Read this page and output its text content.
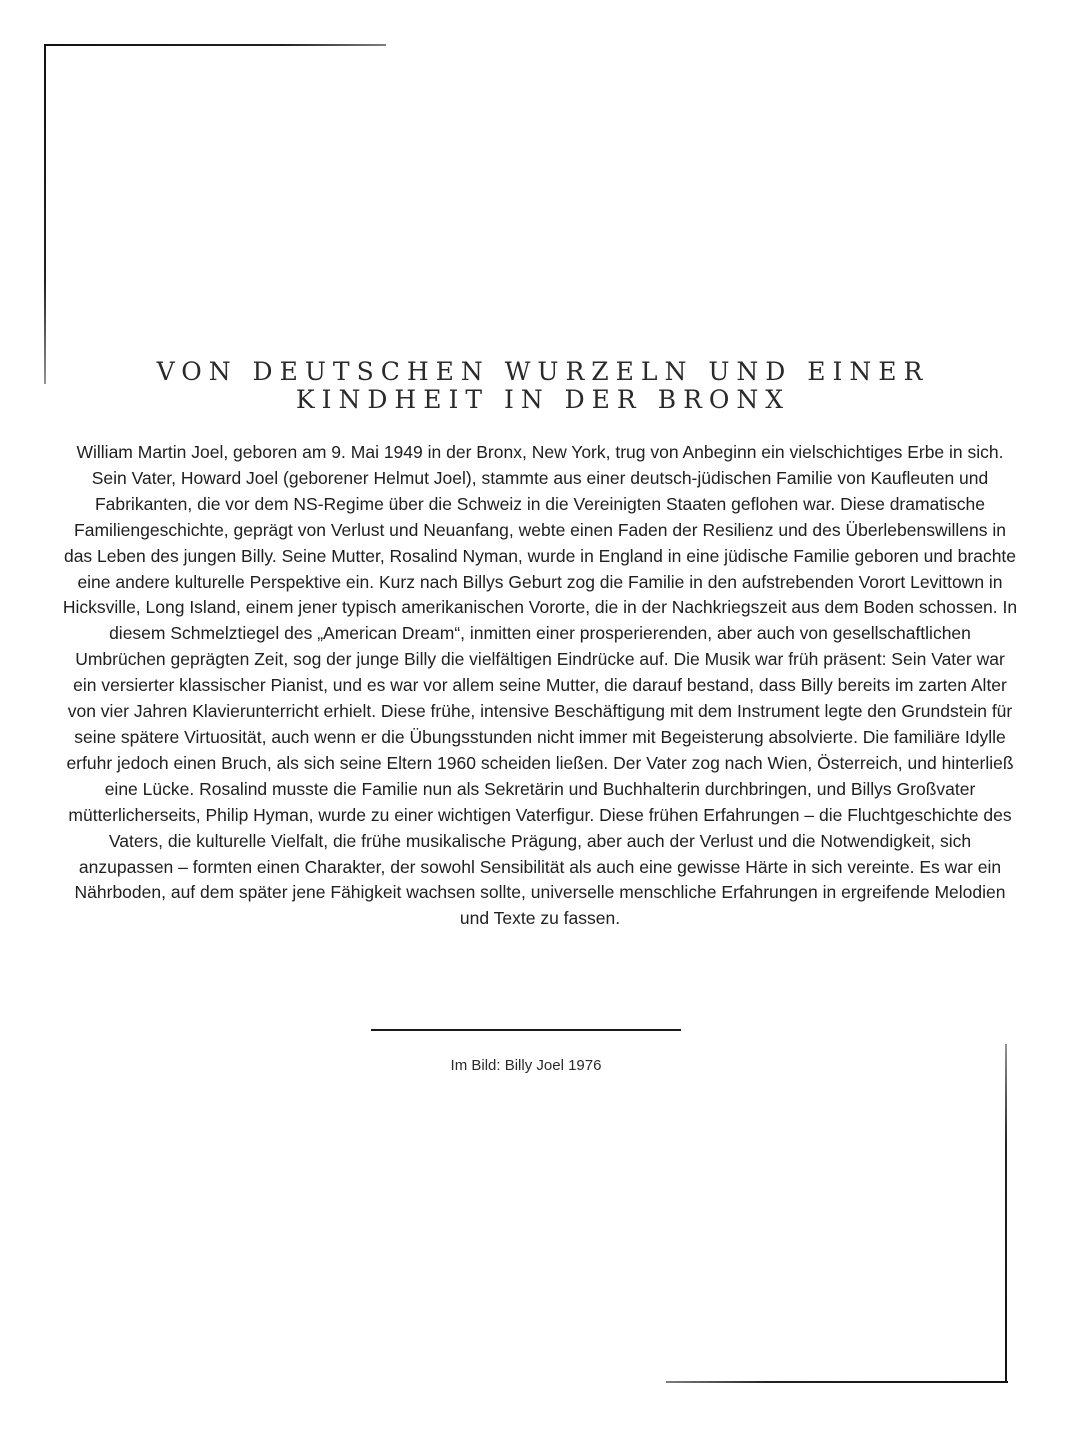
VON DEUTSCHEN WURZELN UND EINER
KINDHEIT IN DER BRONX

William Martin Joel, geboren am 9. Mai 1949 in der Bronx, New York, trug von Anbeginn ein vielschichtiges Erbe in sich. Sein Vater, Howard Joel (geborener Helmut Joel), stammte aus einer deutsch-jüdischen Familie von Kaufleuten und Fabrikanten, die vor dem NS-Regime über die Schweiz in die Vereinigten Staaten geflohen war. Diese dramatische Familiengeschichte, geprägt von Verlust und Neuanfang, webte einen Faden der Resilienz und des Überlebenswillens in das Leben des jungen Billy. Seine Mutter, Rosalind Nyman, wurde in England in eine jüdische Familie geboren und brachte eine andere kulturelle Perspektive ein. Kurz nach Billys Geburt zog die Familie in den aufstrebenden Vorort Levittown in Hicksville, Long Island, einem jener typisch amerikanischen Vororte, die in der Nachkriegszeit aus dem Boden schossen. In diesem Schmelztiegel des „American Dream“, inmitten einer prosperierenden, aber auch von gesellschaftlichen Umbrüchen geprägten Zeit, sog der junge Billy die vielfältigen Eindrücke auf. Die Musik war früh präsent: Sein Vater war ein versierter klassischer Pianist, und es war vor allem seine Mutter, die darauf bestand, dass Billy bereits im zarten Alter von vier Jahren Klavierunterricht erhielt. Diese frühe, intensive Beschäftigung mit dem Instrument legte den Grundstein für seine spätere Virtuosität, auch wenn er die Übungsstunden nicht immer mit Begeisterung absolvierte. Die familiäre Idylle erfuhr jedoch einen Bruch, als sich seine Eltern 1960 scheiden ließen. Der Vater zog nach Wien, Österreich, und hinterließ eine Lücke. Rosalind musste die Familie nun als Sekretärin und Buchhalterin durchbringen, und Billys Großvater mütterlicherseits, Philip Hyman, wurde zu einer wichtigen Vaterfigur. Diese frühen Erfahrungen – die Fluchtgeschichte des Vaters, die kulturelle Vielfalt, die frühe musikalische Prägung, aber auch der Verlust und die Notwendigkeit, sich anzupassen – formten einen Charakter, der sowohl Sensibilität als auch eine gewisse Härte in sich vereinte. Es war ein Nährboden, auf dem später jene Fähigkeit wachsen sollte, universelle menschliche Erfahrungen in ergreifende Melodien und Texte zu fassen.

Im Bild: Billy Joel 1976
